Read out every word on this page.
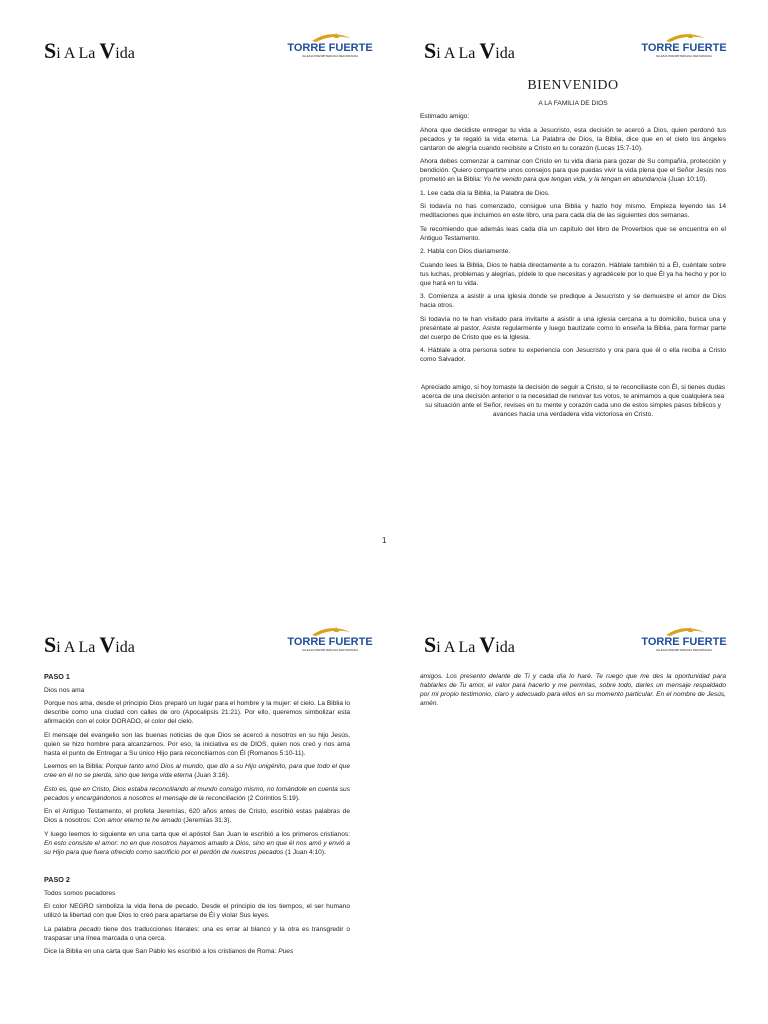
Si A La Vida	TORRE FUERTE
IGLESIA PRESBITERIANA REFORMADA	Si A La Vida	TORRE FUERTE
IGLESIA PRESBITERIANA REFORMADA

BIENVENIDO

A LA FAMILIA DE DIOS

Estimado amigo:

Ahora que decidiste entregar tu vida a Jesucristo, esta decisión te acercó a Dios, quien perdonó tus pecados y te regaló la vida eterna. La Palabra de Dios, la Biblia, dice que en el cielo los ángeles cantaron de alegría cuando recibiste a Cristo en tu corazón (Lucas 15:7-10).

Ahora debes comenzar a caminar con Cristo en tu vida diaria para gozar de Su compañía, protección y bendición. Quiero compartirte unos consejos para que puedas vivir la vida plena que el Señor Jesús nos prometió en la Biblia: Yo he venido para que tengan vida, y la tengan en abundancia (Juan 10:10).

1. Lee cada día la Biblia, la Palabra de Dios.

Si todavía no has comenzado, consigue una Biblia y hazlo hoy mismo. Empieza leyendo las 14 meditaciones que incluimos en este libro, una para cada día de las siguientes dos semanas.

Te recomiendo que además leas cada día un capítulo del libro de Proverbios que se encuentra en el Antiguo Testamento.

2. Habla con Dios diariamente.

Cuando lees la Biblia, Dios te habla directamente a tu corazón. Háblale también tú a Él, cuéntale sobre tus luchas, problemas y alegrías, pídele lo que necesitas y agradécele por lo que Él ya ha hecho y por lo que hará en tu vida.

3. Comienza a asistir a una iglesia donde se predique a Jesucristo y se demuestre el amor de Dios hacia otros.

Si todavía no te han visitado para invitarte a asistir a una iglesia cercana a tu domicilio, busca una y preséntate al pastor. Asiste regularmente y luego bautízate como lo enseña la Biblia, para formar parte del cuerpo de Cristo que es la Iglesia.

4. Háblale a otra persona sobre tu experiencia con Jesucristo y ora para que él o ella reciba a Cristo como Salvador.

Apreciado amigo, si hoy tomaste la decisión de seguir a Cristo, si te reconciliaste con Él, si tienes dudas acerca de una decisión anterior o la necesidad de renovar tus votos, te animamos a que cualquiera sea su situación ante el Señor, revises en tu mente y corazón cada uno de estos simples pasos bíblicos y avances hacia una verdadera vida victoriosa en Cristo.

1
Si A La Vida	TORRE FUERTE
IGLESIA PRESBITERIANA REFORMADA

PASO 1

Dios nos ama

Porque nos ama, desde el principio Dios preparó un lugar para el hombre y la mujer: el cielo. La Biblia lo describe como una ciudad con calles de oro (Apocalipsis 21:21). Por ello, queremos simbolizar esta afirmación con el color DORADO, el color del cielo.

El mensaje del evangelio son las buenas noticias de que Dios se acercó a nosotros en su hijo Jesús, quien se hizo hombre para alcanzarnos. Por eso, la iniciativa es de DIOS, quien nos creó y nos ama hasta el punto de Entregar a Su único Hijo para reconciliarnos con Él (Romanos 5:10-11).

Leemos en la Biblia: Porque tanto amó Dios al mundo, que dio a su Hijo unigénito, para que todo el que cree en él no se pierda, sino que tenga vida eterna (Juan 3:16).

Esto es, que en Cristo, Dios estaba reconciliando al mundo consigo mismo, no tomándole en cuenta sus pecados y encargándonos a nosotros el mensaje de la reconciliación (2 Corintios 5:19).

En el Antiguo Testamento, el profeta Jeremías, 620 años antes de Cristo, escribió estas palabras de Dios a nosotros: Con amor eterno te he amado (Jeremías 31:3).

Y luego leemos lo siguiente en una carta que el apóstol San Juan le escribió a los primeros cristianos: En esto consiste el amor: no en que nosotros hayamos amado a Dios, sino en que él nos amó y envió a su Hijo para que fuera ofrecido como sacrificio por el perdón de nuestros pecados (1 Juan 4:10).

PASO 2

Todos somos pecadores

El color NEGRO simboliza la vida llena de pecado. Desde el principio de los tiempos, el ser humano utilizó la libertad con que Dios lo creó para apartarse de Él y violar Sus leyes.

La palabra pecado tiene dos traducciones literales: una es errar al blanco y la otra es transgredir o traspasar una línea marcada o una cerca.

Dice la Biblia en una carta que San Pablo les escribió a los cristianos de Roma: Pues

Si A La Vida	TORRE FUERTE
IGLESIA PRESBITERIANA REFORMADA

amigos. Los presento delante de Ti y cada día lo haré. Te ruego que me des la oportunidad para hablarles de Tu amor, el valor para hacerlo y me permitas, sobre todo, darles un mensaje respaldado por mi propio testimonio, claro y adecuado para ellos en su momento particular. En el nombre de Jesús, amén.
